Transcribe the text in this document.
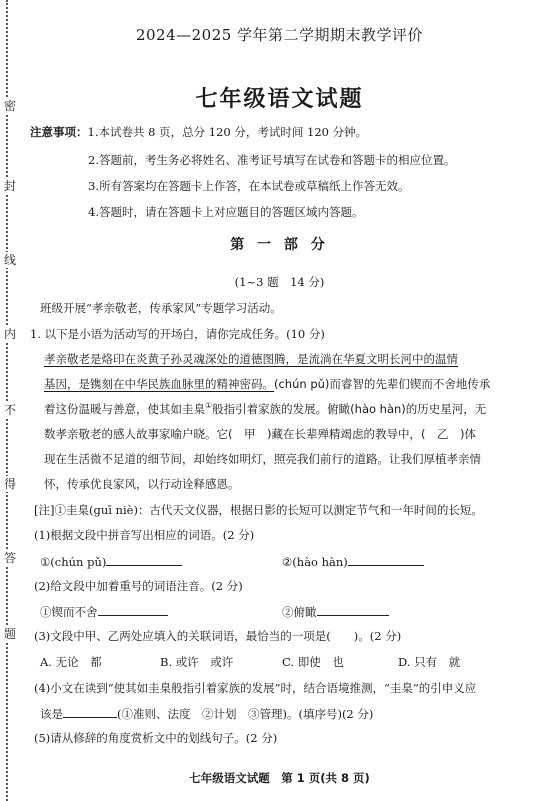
密
封
线
内
不
得
答
题
2024—2025 学年第二学期期末教学评价
七年级语文试题
注意事项：1.本试卷共 8 页，总分 120 分，考试时间 120 分钟。
2.答题前，考生务必将姓名、准考证号填写在试卷和答题卡的相应位置。
3.所有答案均在答题卡上作答，在本试卷或草稿纸上作答无效。
4.答题时，请在答题卡上对应题目的答题区域内答题。
第 一 部 分
(1~3 题　14 分)
班级开展“孝亲敬老，传承家风”专题学习活动。
1. 以下是小语为活动写的开场白，请你完成任务。(10 分)
孝亲敬老是烙印在炎黄子孙灵魂深处的道德图腾，是流淌在华夏文明长河中的温情
基因，是镌刻在中华民族血脉里的精神密码。(chún pǔ)而睿智的先辈们锲而不舍地传承
着这份温暖与善意，使其如圭臬①般指引着家族的发展。俯瞰(hào hàn)的历史星河，无
数孝亲敬老的感人故事家喻户晓。它(　甲　)藏在长辈殚精竭虑的教导中，(　乙　)体
现在生活微不足道的细节间，却始终如明灯，照亮我们前行的道路。让我们厚植孝亲情
怀，传承优良家风，以行动诠释感恩。
[注]①圭臬(guī niè)：古代天文仪器，根据日影的长短可以测定节气和一年时间的长短。
(1)根据文段中拼音写出相应的词语。(2 分)
①(chún pǔ)	②(hào hàn)
(2)给文段中加着重号的词语注音。(2 分)
①锲而不舍	②俯瞰
(3)文段中甲、乙两处应填入的关联词语，最恰当的一项是(　　)。(2 分)
A. 无论　都	B. 或许　或许	C. 即使　也	D. 只有　就
(4)小文在读到“使其如圭臬般指引着家族的发展”时，结合语境推测，“圭臬”的引申义应
该是	(①准则、法度　②计划　③管理)。(填序号)(2 分)
(5)请从修辞的角度赏析文中的划线句子。(2 分)
七年级语文试题　第 1 页(共 8 页)
